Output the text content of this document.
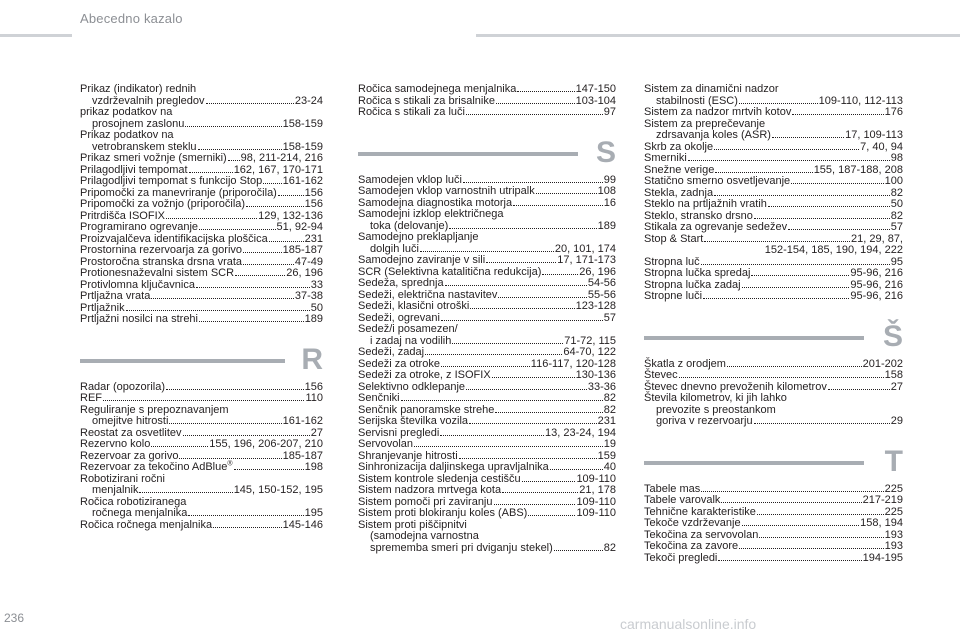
Abecedno kazalo
Prikaz (indikator) rednih
vzdrževalnih pregledov	23-24
prikaz podatkov na
prosojnem zaslonu	158-159
Prikaz podatkov na
vetrobranskem steklu	158-159
Prikaz smeri vožnje (smerniki) 98, 211-214, 216
Prilagodljivi tempomat	162, 167, 170-171
Prilagodljivi tempomat s funkcijo Stop 161-162
Pripomočki za manevriranje (priporočila)	156
Pripomočki za vožnjo (priporočila)	156
Pritrdišča ISOFIX	129, 132-136
Programirano ogrevanje	51, 92-94
Proizvajalčeva identifikacijska ploščica	231
Prostornina rezervoarja za gorivo	185-187
Prostoročna stranska drsna vrata	47-49
Protionesnaževalni sistem SCR	26, 196
Protivlomna ključavnica	33
Prtljažna vrata	37-38
Prtljažnik	50
Prtljažni nosilci na strehi	189
R
Radar (opozorila)	156
REF	110
Reguliranje s prepoznavanjem
omejitve hitrosti	161-162
Reostat za osvetlitev	27
Rezervno kolo	155, 196, 206-207, 210
Rezervoar za gorivo	185-187
Rezervoar za tekočino AdBlue®	198
Robotizirani ročni
menjalnik	145, 150-152, 195
Ročica robotiziranega
ročnega menjalnika	195
Ročica ročnega menjalnika	145-146
Ročica samodejnega menjalnika	147-150
Ročica s stikali za brisalnike	103-104
Ročica s stikali za luči	97
S
Samodejen vklop luči	99
Samodejen vklop varnostnih utripalk	108
Samodejna diagnostika motorja	16
Samodejni izklop električnega
toka (delovanje)	189
Samodejno preklapljanje
dolgih luči	20, 101, 174
Samodejno zaviranje v sili	17, 171-173
SCR (Selektivna katalitična redukcija)	26, 196
Sedeža, sprednja	54-56
Sedeži, električna nastavitev	55-56
Sedeži, klasični otroški	123-128
Sedeži, ogrevani	57
Sedež/i posamezen/
i zadaj na vodilih	71-72, 115
Sedeži, zadaj	64-70, 122
Sedeži za otroke	116-117, 120-128
Sedeži za otroke, z ISOFIX	130-136
Selektivno odklepanje	33-36
Senčniki	82
Senčnik panoramske strehe	82
Serijska številka vozila	231
Servisni pregledi	13, 23-24, 194
Servovolan	19
Shranjevanje hitrosti	159
Sinhronizacija daljinskega upravljalnika	40
Sistem kontrole sledenja cestišču	109-110
Sistem nadzora mrtvega kota	21, 178
Sistem pomoči pri zaviranju	109-110
Sistem proti blokiranju koles (ABS)	109-110
Sistem proti piščipnitvi
(samodejna varnostna
sprememba smeri pri dviganju stekel)	82
Sistem za dinamični nadzor
stabilnosti (ESC)	109-110, 112-113
Sistem za nadzor mrtvih kotov	176
Sistem za preprečevanje
zdrsavanja koles (ASR)	17, 109-113
Skrb za okolje	7, 40, 94
Smerniki	98
Snežne verige	155, 187-188, 208
Statično smerno osvetljevanje	100
Stekla, zadnja	82
Steklo na prtljažnih vratih	50
Steklo, stransko drsno	82
Stikala za ogrevanje sedežev	57
Stop & Start	21, 29, 87,
152-154, 185, 190, 194, 222
Stropna luč	95
Stropna lučka spredaj	95-96, 216
Stropna lučka zadaj	95-96, 216
Stropne luči	95-96, 216
Š
Škatla z orodjem	201-202
Števec	158
Števec dnevno prevoženih kilometrov	27
Števila kilometrov, ki jih lahko
prevozite s preostankom
goriva v rezervoarju	29
T
Tabele mas	225
Tabele varovalk	217-219
Tehnične karakteristike	225
Tekoče vzdrževanje	158, 194
Tekočina za servovolan	193
Tekočina za zavore	193
Tekoči pregledi	194-195
236	carmanualsonline.info
